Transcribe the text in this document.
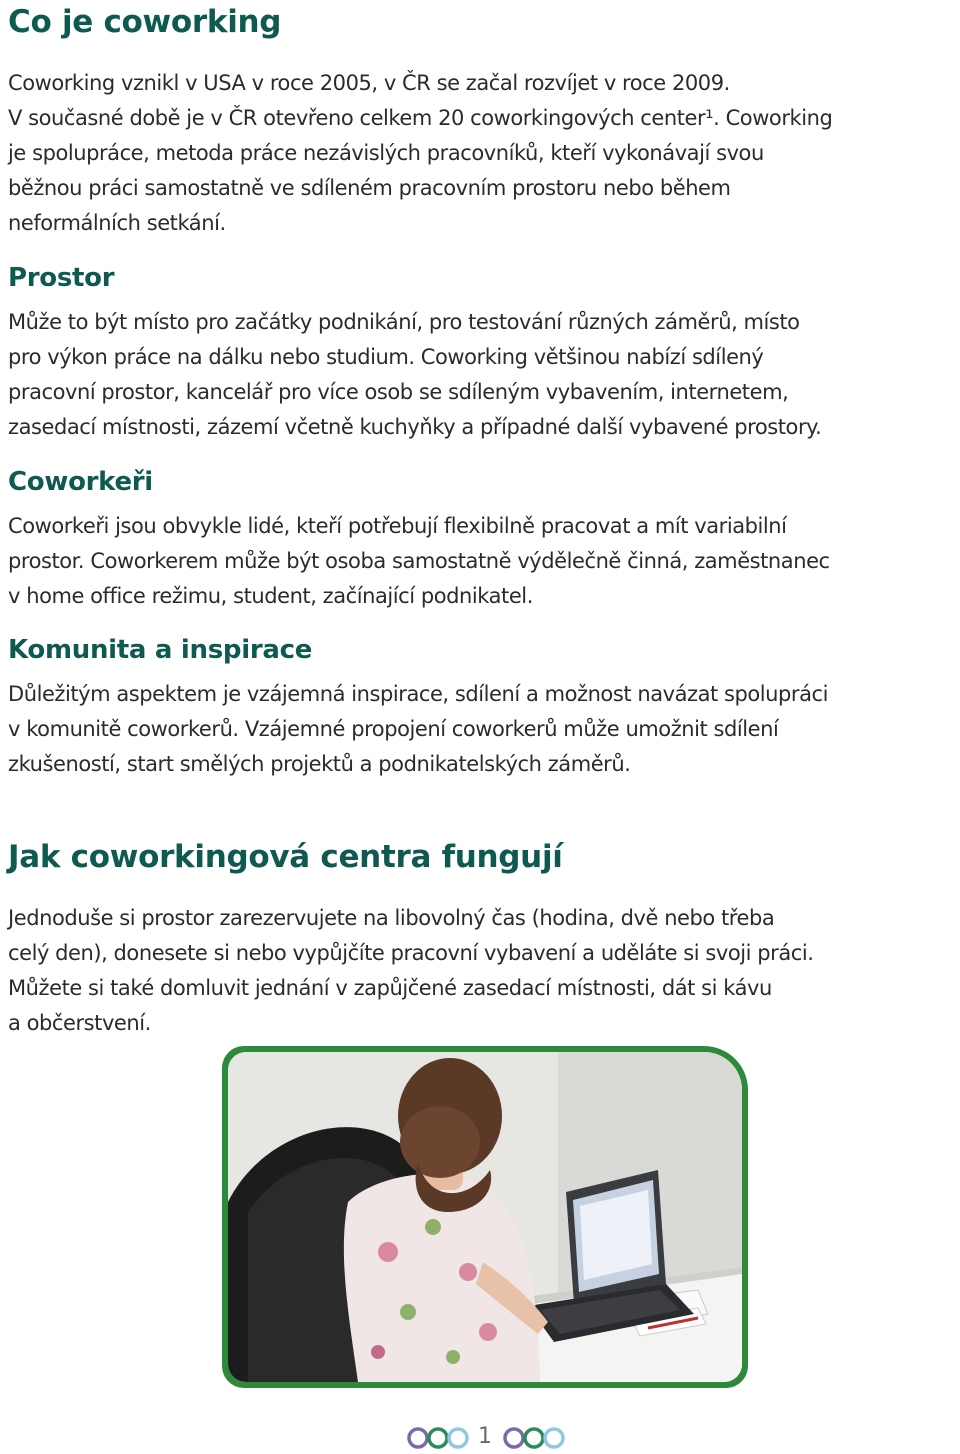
Co je coworking
Coworking vznikl v USA v roce 2005, v ČR se začal rozvíjet v roce 2009.
V současné době je v ČR otevřeno celkem 20 coworkingových center¹. Coworking
je spolupráce, metoda práce nezávislých pracovníků, kteří vykonávají svou
běžnou práci samostatně ve sdíleném pracovním prostoru nebo během
neformálních setkání.
Prostor
Může to být místo pro začátky podnikání, pro testování různých záměrů, místo
pro výkon práce na dálku nebo studium. Coworking většinou nabízí sdílený
pracovní prostor, kancelář pro více osob se sdíleným vybavením, internetem,
zasedací místnosti, zázemí včetně kuchyňky a případné další vybavené prostory.
Coworkeři
Coworkeři jsou obvykle lidé, kteří potřebují flexibilně pracovat a mít variabilní
prostor. Coworkerem může být osoba samostatně výdělečně činná, zaměstnanec
v home office režimu, student, začínající podnikatel.
Komunita a inspirace
Důležitým aspektem je vzájemná inspirace, sdílení a možnost navázat spolupráci
v komunitě coworkerů. Vzájemné propojení coworkerů může umožnit sdílení
zkušeností, start smělých projektů a podnikatelských záměrů.
Jak coworkingová centra fungují
Jednoduše si prostor zarezervujete na libovolný čas (hodina, dvě nebo třeba
celý den), donesete si nebo vypůjčíte pracovní vybavení a uděláte si svoji práci.
Můžete si také domluvit jednání v zapůjčené zasedací místnosti, dát si kávu
a občerstvení.
1
